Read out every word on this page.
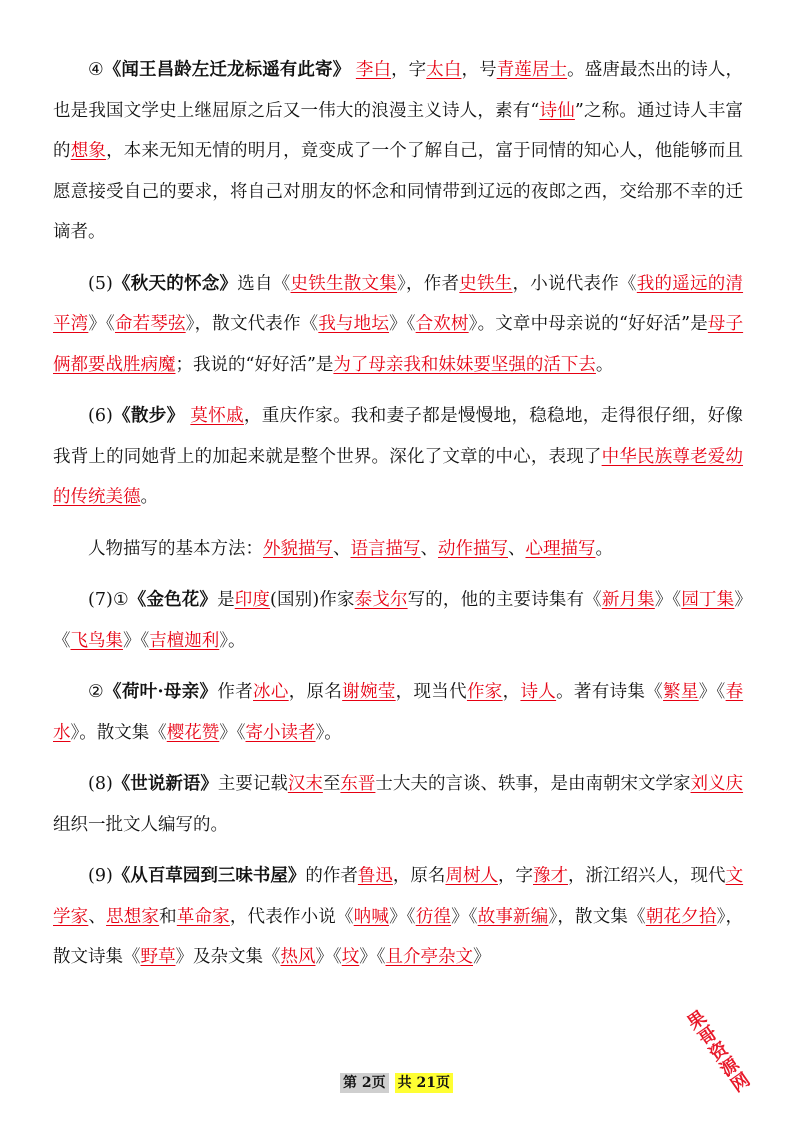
④《闻王昌龄左迁龙标遥有此寄》 李白，字太白，号青莲居士。盛唐最杰出的诗人，也是我国文学史上继屈原之后又一伟大的浪漫主义诗人，素有“诗仙”之称。通过诗人丰富的想象，本来无知无情的明月，竟变成了一个了解自己，富于同情的知心人，他能够而且愿意接受自己的要求，将自己对朋友的怀念和同情带到辽远的夜郎之西，交给那不幸的迁谪者。

(5)《秋天的怀念》选自《史铁生散文集》，作者史铁生，小说代表作《我的遥远的清平湾》《命若琴弦》，散文代表作《我与地坛》《合欢树》。文章中母亲说的“好好活”是母子俩都要战胜病魔；我说的“好好活”是为了母亲我和妹妹要坚强的活下去。

(6)《散步》 莫怀戚，重庆作家。我和妻子都是慢慢地，稳稳地，走得很仔细，好像我背上的同她背上的加起来就是整个世界。深化了文章的中心，表现了中华民族尊老爱幼的传统美德。

人物描写的基本方法：外貌描写、语言描写、动作描写、心理描写。

(7)①《金色花》是印度(国别)作家泰戈尔写的，他的主要诗集有《新月集》《园丁集》《飞鸟集》《吉檀迦利》。

②《荷叶·母亲》作者冰心，原名谢婉莹，现当代作家，诗人。著有诗集《繁星》《春水》。散文集《樱花赞》《寄小读者》。

(8)《世说新语》主要记载汉末至东晋士大夫的言谈、轶事，是由南朝宋文学家刘义庆组织一批文人编写的。

(9)《从百草园到三味书屋》的作者鲁迅，原名周树人，字豫才，浙江绍兴人，现代文学家、思想家和革命家，代表作小说《呐喊》《彷徨》《故事新编》，散文集《朝花夕拾》，散文诗集《野草》及杂文集《热风》《坟》《且介亭杂文》

第 2页 共 21页	果哥资源网
